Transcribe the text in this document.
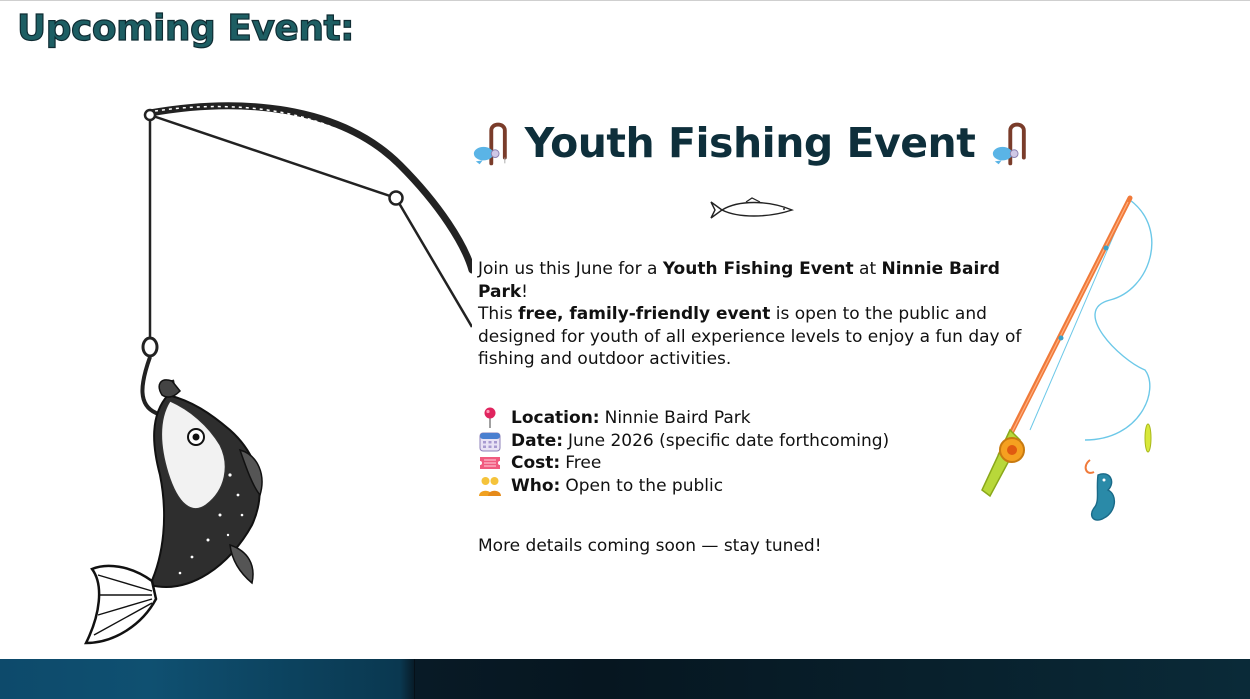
Upcoming Event:
Youth Fishing Event
Join us this June for a Youth Fishing Event at Ninnie Baird Park!
This free, family-friendly event is open to the public and designed for youth of all experience levels to enjoy a fun day of fishing and outdoor activities.
Location: Ninnie Baird Park
Date: June 2026 (specific date forthcoming)
Cost: Free
Who: Open to the public
More details coming soon — stay tuned!
